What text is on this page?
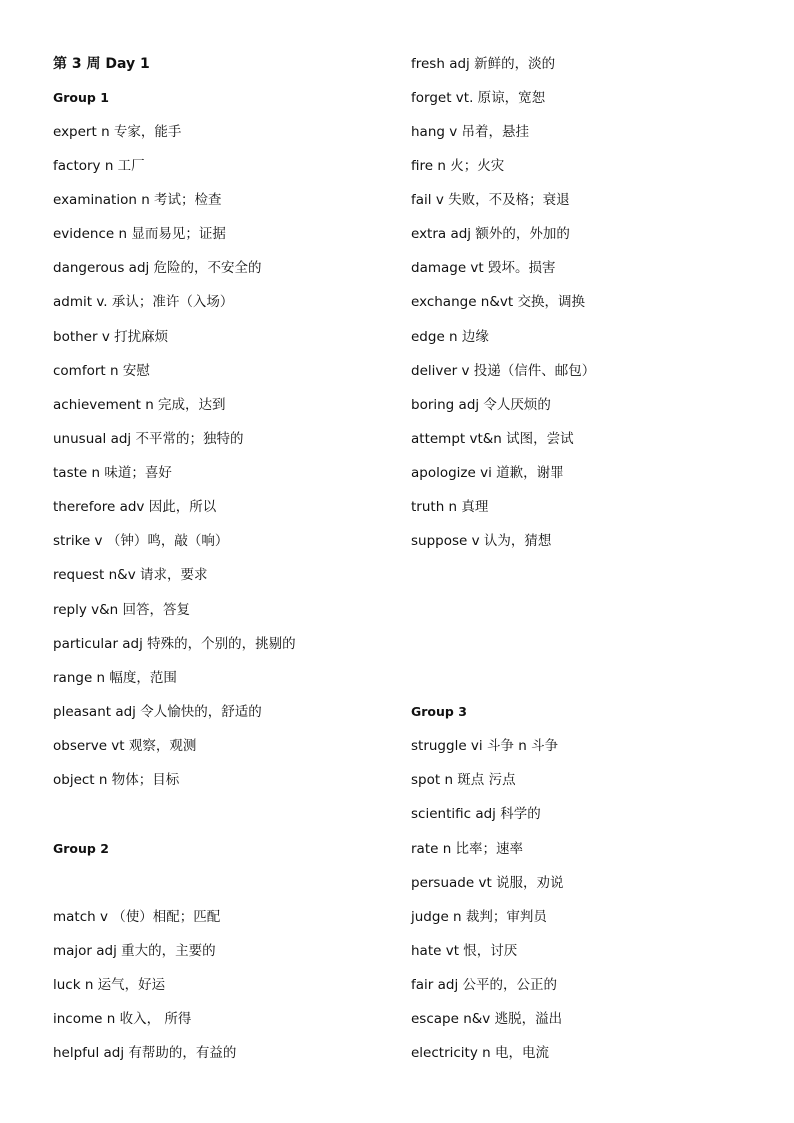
第 3 周 Day 1
Group 1
expert n 专家，能手
factory n 工厂
examination n 考试；检查
evidence n 显而易见；证据
dangerous adj 危险的，不安全的
admit v. 承认；准许（入场）
bother v 打扰麻烦
comfort n 安慰
achievement n 完成，达到
unusual adj 不平常的；独特的
taste n 味道；喜好
therefore adv 因此，所以
strike v （钟）鸣，敲（响）
request n&v 请求，要求
reply v&n 回答，答复
particular adj 特殊的，个别的，挑剔的
range n 幅度，范围
pleasant adj 令人愉快的，舒适的
observe vt 观察，观测
object n 物体；目标
Group 2
match v （使）相配；匹配
major adj 重大的，主要的
luck n 运气，好运
income n 收入， 所得
helpful adj 有帮助的，有益的
fresh adj 新鲜的，淡的
forget vt. 原谅，宽恕
hang v 吊着，悬挂
fire n 火；火灾
fail v 失败，不及格；衰退
extra adj 额外的，外加的
damage vt 毁坏。损害
exchange n&vt 交换，调换
edge n 边缘
deliver v 投递（信件、邮包）
boring adj 令人厌烦的
attempt vt&n 试图，尝试
apologize vi 道歉，谢罪
truth n 真理
suppose v 认为，猜想
Group 3
struggle vi 斗争 n 斗争
spot n 斑点 污点
scientific adj 科学的
rate n 比率；速率
persuade vt 说服，劝说
judge n 裁判；审判员
hate vt 恨，讨厌
fair adj 公平的，公正的
escape n&v 逃脱，溢出
electricity n 电，电流
